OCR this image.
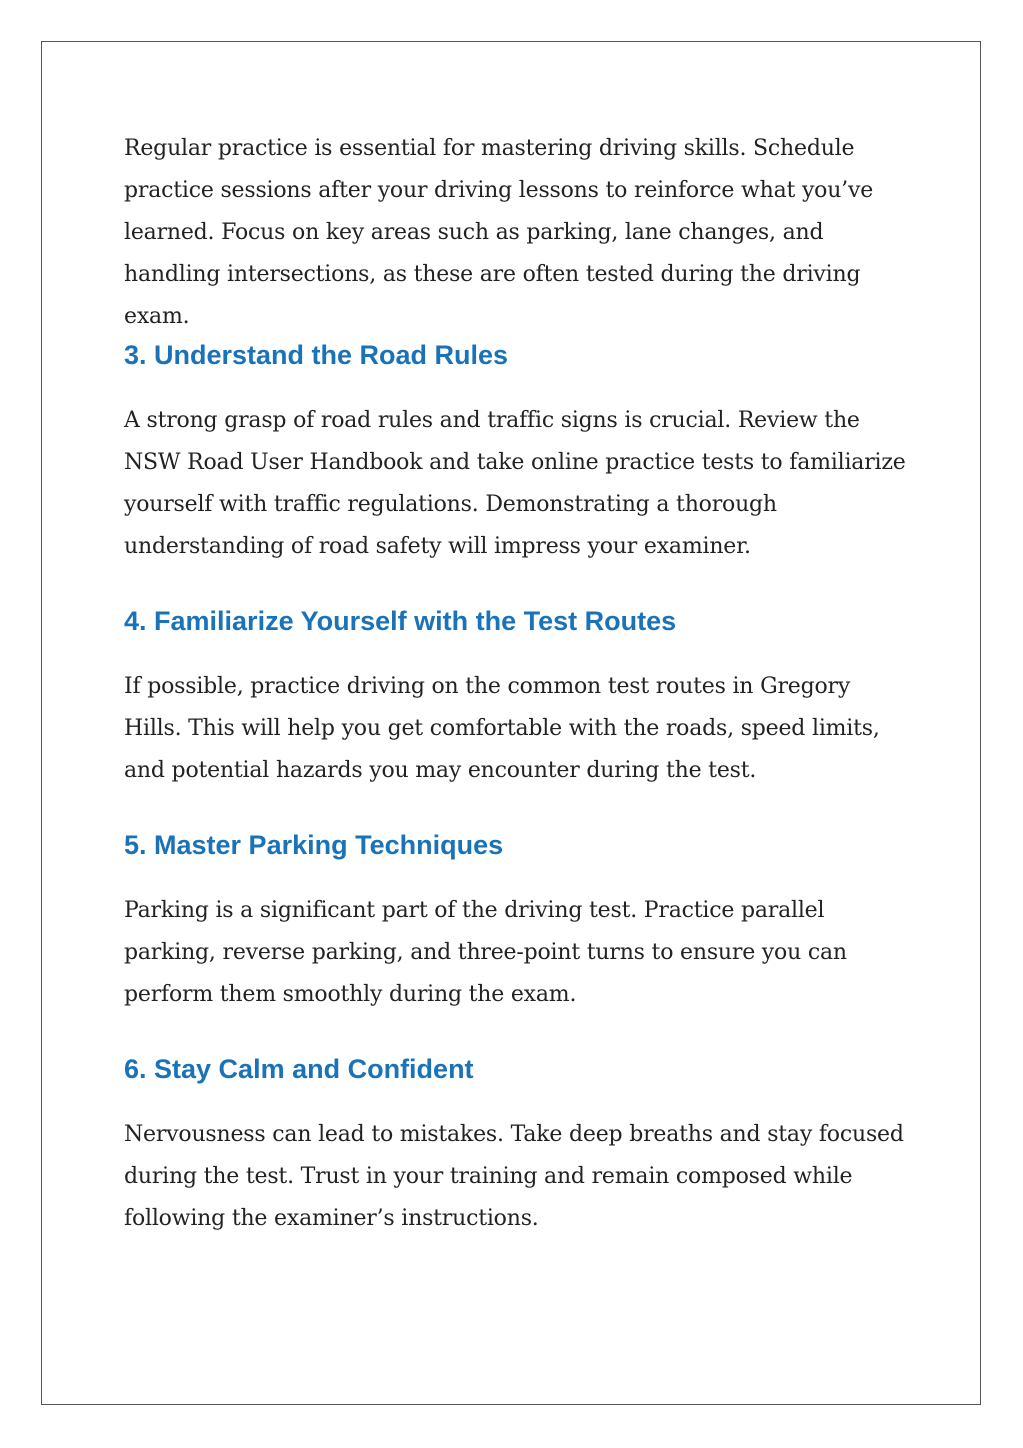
Regular practice is essential for mastering driving skills. Schedule practice sessions after your driving lessons to reinforce what you’ve learned. Focus on key areas such as parking, lane changes, and handling intersections, as these are often tested during the driving exam.

3. Understand the Road Rules

A strong grasp of road rules and traffic signs is crucial. Review the NSW Road User Handbook and take online practice tests to familiarize yourself with traffic regulations. Demonstrating a thorough understanding of road safety will impress your examiner.

4. Familiarize Yourself with the Test Routes

If possible, practice driving on the common test routes in Gregory Hills. This will help you get comfortable with the roads, speed limits, and potential hazards you may encounter during the test.

5. Master Parking Techniques

Parking is a significant part of the driving test. Practice parallel parking, reverse parking, and three-point turns to ensure you can perform them smoothly during the exam.

6. Stay Calm and Confident

Nervousness can lead to mistakes. Take deep breaths and stay focused during the test. Trust in your training and remain composed while following the examiner’s instructions.
